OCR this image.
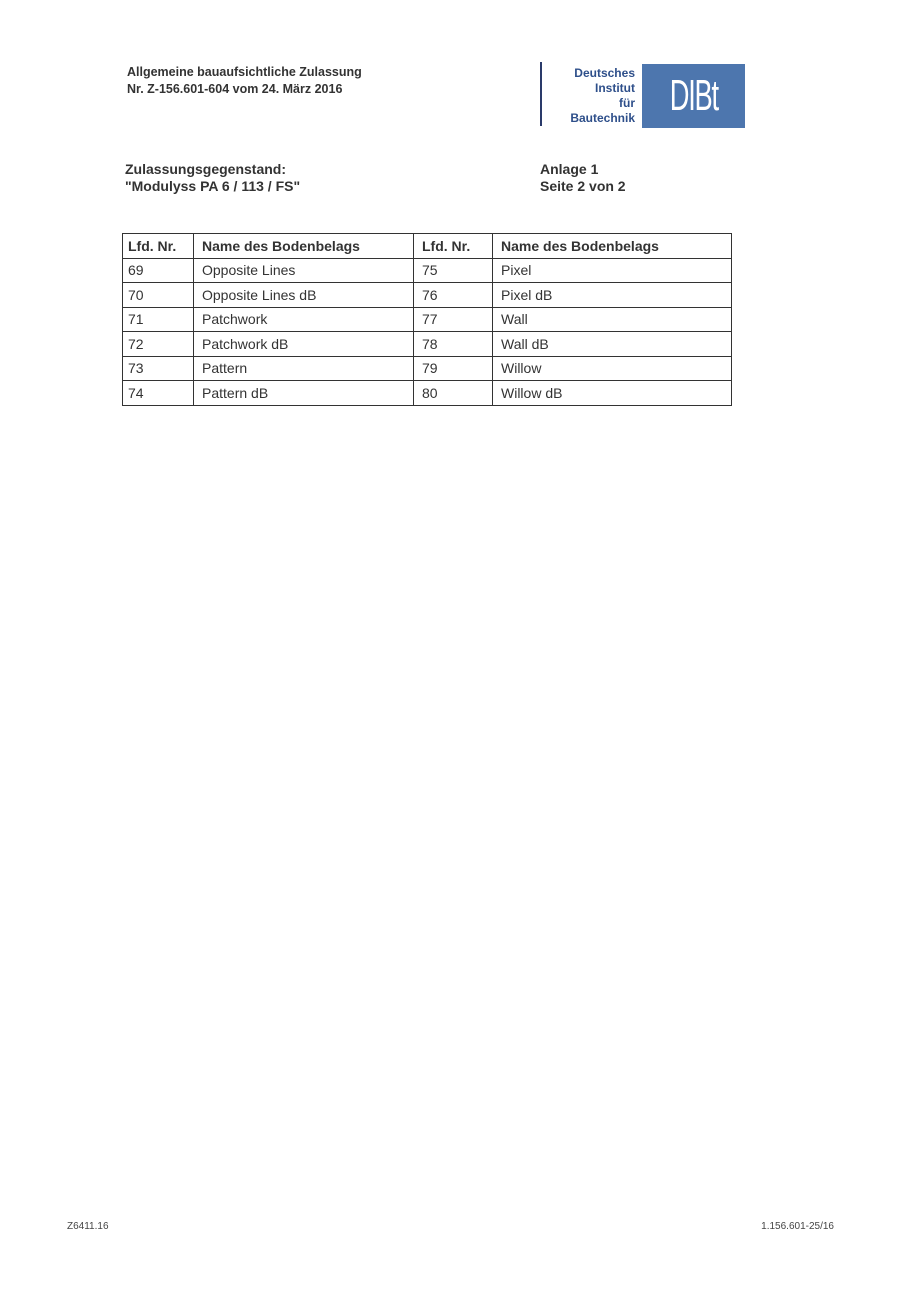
Allgemeine bauaufsichtliche Zulassung
Nr. Z-156.601-604 vom 24. März 2016
Deutsches
Institut
für
Bautechnik DIBt
Zulassungsgegenstand:
"Modulyss PA 6 / 113 / FS"
Anlage 1
Seite 2 von 2
Lfd. Nr.	Name des Bodenbelags	Lfd. Nr.	Name des Bodenbelags
69	Opposite Lines	75	Pixel
70	Opposite Lines dB	76	Pixel dB
71	Patchwork	77	Wall
72	Patchwork dB	78	Wall dB
73	Pattern	79	Willow
74	Pattern dB	80	Willow dB
Z6411.16	1.156.601-25/16
